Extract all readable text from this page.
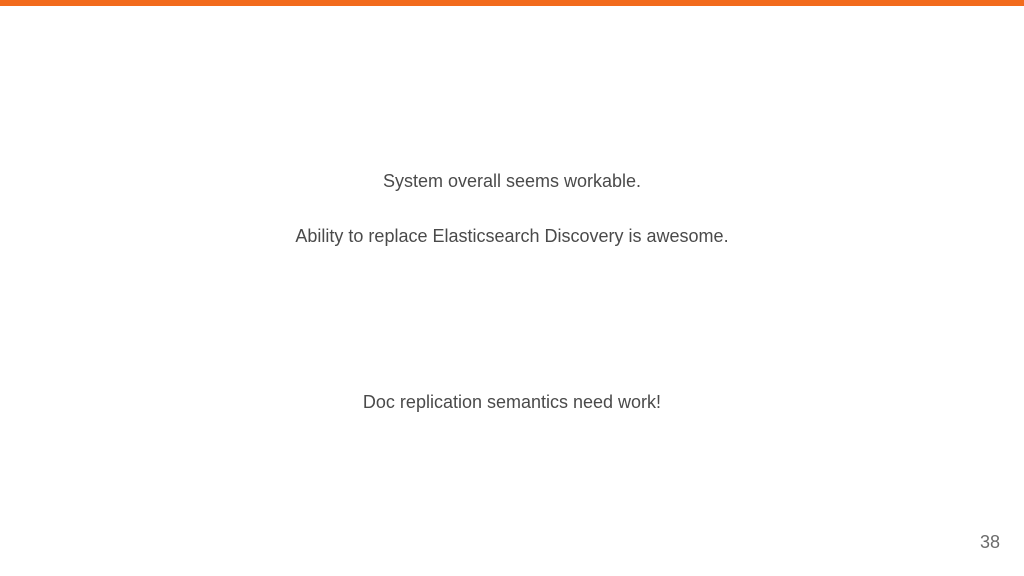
System overall seems workable.
Ability to replace Elasticsearch Discovery is awesome.
Doc replication semantics need work!
38
